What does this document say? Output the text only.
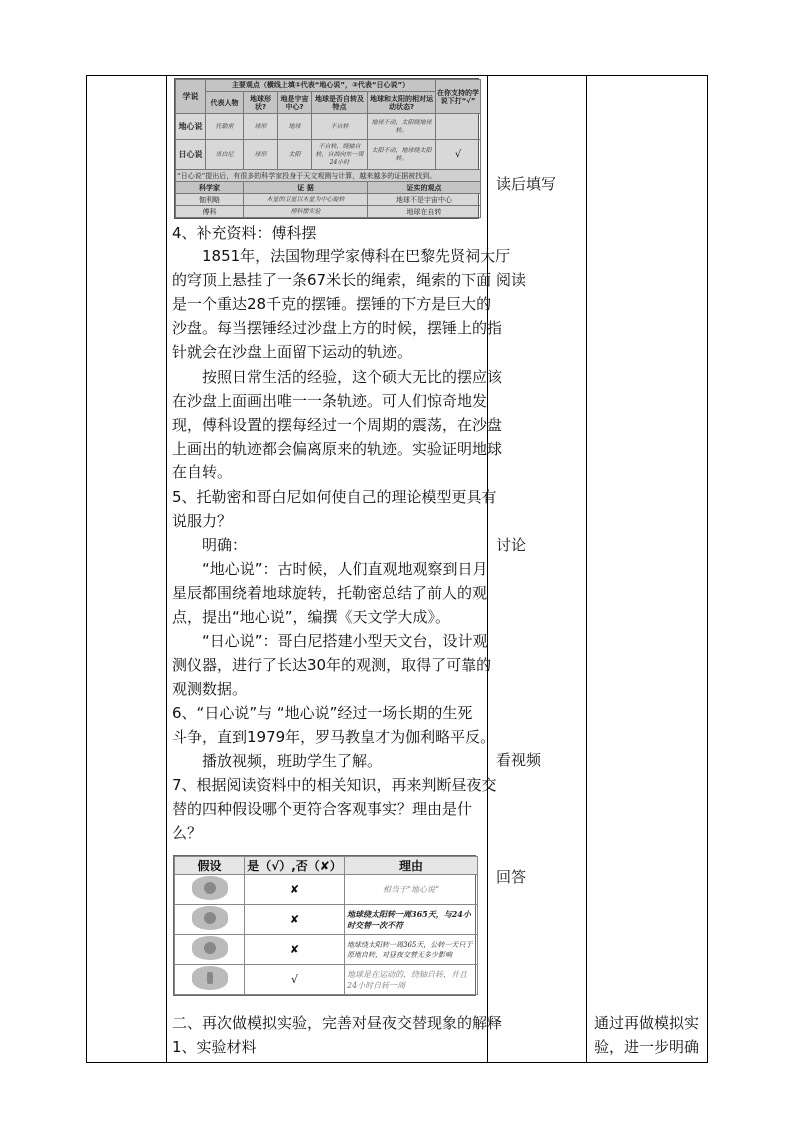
学说	主要观点（横线上填①代表“地心说”，②代表“日心说”）					在你支持的学说下打“√”
	代表人物	地球形状?	地是宇宙中心?	地球是否自转及特点	地球和太阳的相对运动状态?	
地心说	托勒密	球形	地球	不自转	地球不动，太阳绕地球转。	
日心说	哥白尼	球形	太阳	不自转，绕轴自转，自西向东一周24小时	太阳不动，地球绕太阳转。	√
“日心说”提出后，有很多的科学家投身于天文观测与计算，越来越多的证据被找到。						
科学家		证 据			证实的观点	
伽利略		木星的卫星以木星为中心旋转			地球不是宇宙中心	
傅科		傅科摆实验			地球在自转	
4、补充资料：傅科摆
1851年，法国物理学家傅科在巴黎先贤祠大厅
的穹顶上悬挂了一条67米长的绳索，绳索的下面
是一个重达28千克的摆锤。摆锤的下方是巨大的
沙盘。每当摆锤经过沙盘上方的时候，摆锤上的指
针就会在沙盘上面留下运动的轨迹。
按照日常生活的经验，这个硕大无比的摆应该
在沙盘上面画出唯一一条轨迹。可人们惊奇地发
现，傅科设置的摆每经过一个周期的震荡，在沙盘
上画出的轨迹都会偏离原来的轨迹。实验证明地球
在自转。
5、托勒密和哥白尼如何使自己的理论模型更具有
说服力？
明确：
“地心说”：古时候，人们直观地观察到日月
星辰都围绕着地球旋转，托勒密总结了前人的观
点，提出“地心说”，编撰《天文学大成》。
“日心说”：哥白尼搭建小型天文台，设计观
测仪器，进行了长达30年的观测，取得了可靠的
观测数据。
6、“日心说”与 “地心说”经过一场长期的生死
斗争，直到1979年，罗马教皇才为伽利略平反。
播放视频，班助学生了解。
7、根据阅读资料中的相关知识，再来判断昼夜交
替的四种假设哪个更符合客观事实？理由是什
么？
假设	是（√）,否（✘）	理由
	✘	相当于“地心说”
	✘	地球绕太阳转一周365天，与24小时交替一次不符
	✘	地球绕太阳转一周365天，公转一天只于原地自转，对昼夜交替无多少影响
	√	地球是在运动的，绕轴自转，并且24小时自转一周
二、再次做模拟实验，完善对昼夜交替现象的解释
1、实验材料
读后填写
阅读
讨论
看视频
回答
通过再做模拟实
验，进一步明确
